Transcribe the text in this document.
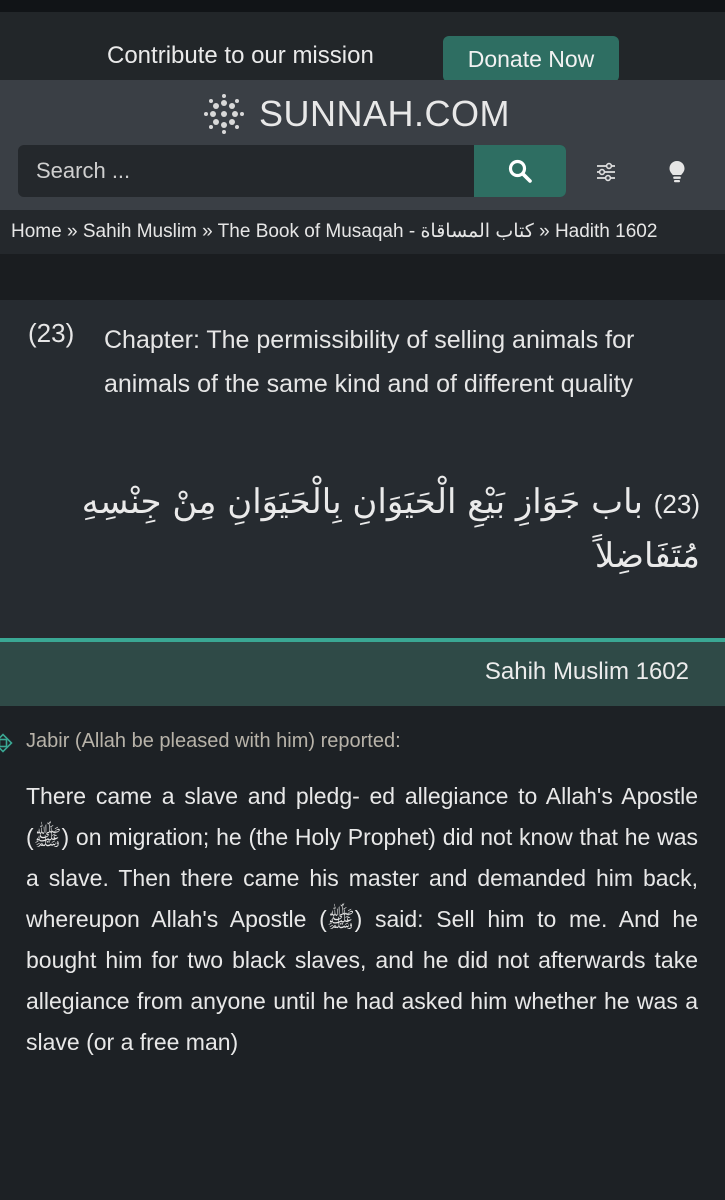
Contribute to our mission	Donate Now
SUNNAH.COM
Search ...
Home » Sahih Muslim » The Book of Musaqah - كتاب المساقاة » Hadith 1602
(23) Chapter: The permissibility of selling animals for animals of the same kind and of different quality
(23) باب جَوَازِ بَيْعِ الْحَيَوَانِ بِالْحَيَوَانِ مِنْ جِنْسِهِ مُتَفَاضِلاً
Sahih Muslim 1602
Jabir (Allah be pleased with him) reported:
There came a slave and pledg- ed allegiance to Allah's Apostle (ﷺ) on migration; he (the Holy Prophet) did not know that he was a slave. Then there came his master and demanded him back, whereupon Allah's Apostle (ﷺ) said: Sell him to me. And he bought him for two black slaves, and he did not afterwards take allegiance from anyone until he had asked him whether he was a slave (or a free man)
